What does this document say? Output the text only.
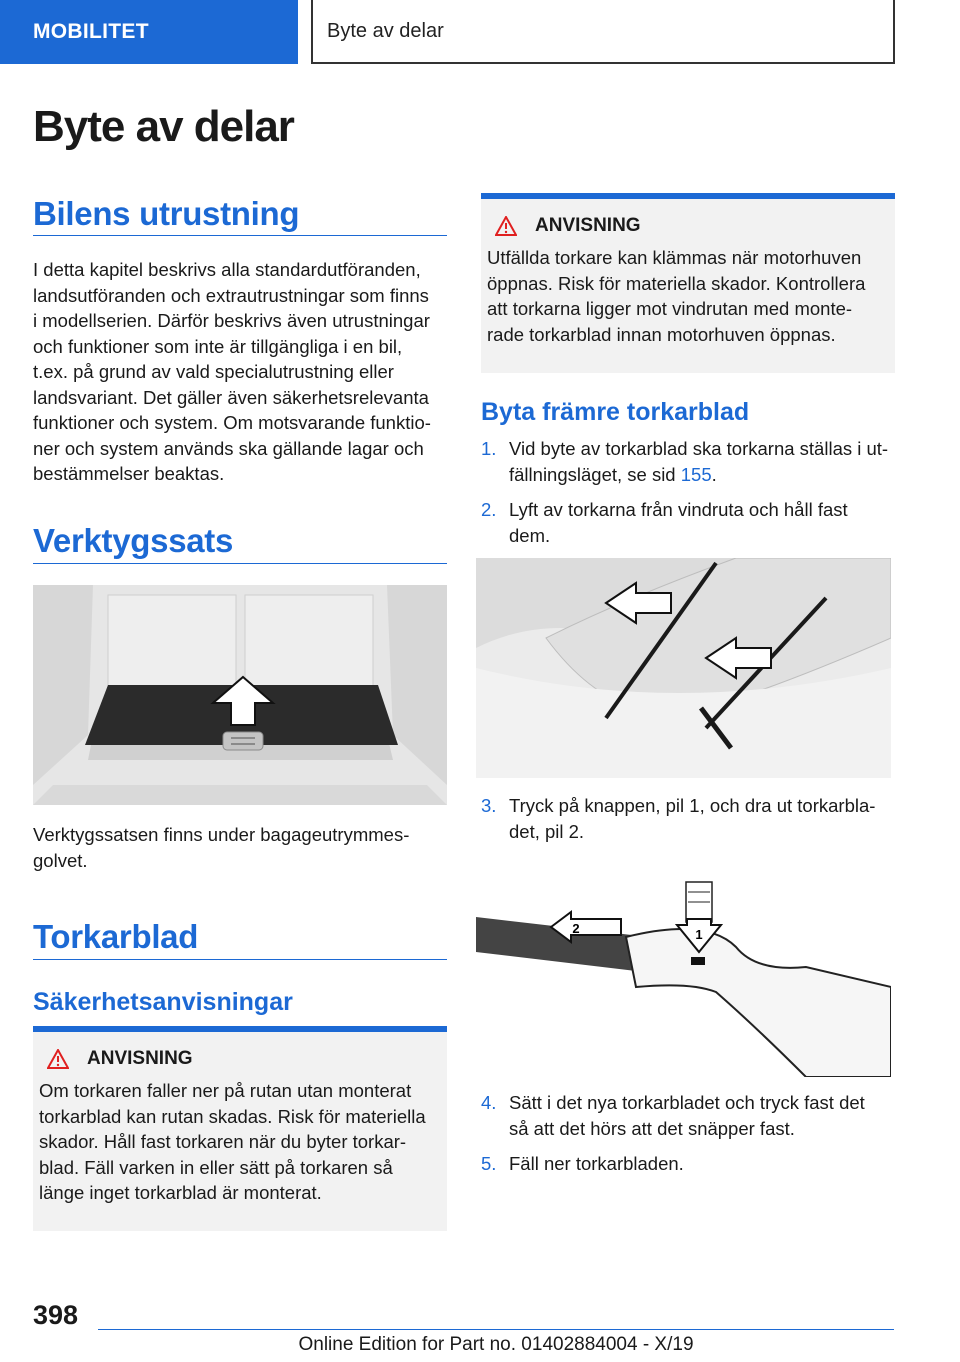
MOBILITET	Byte av delar
Byte av delar
Bilens utrustning

I detta kapitel beskrivs alla standardutföranden,
landsutföranden och extrautrustningar som finns
i modellserien. Därför beskrivs även utrustningar
och funktioner som inte är tillgängliga i en bil,
t.ex. på grund av vald specialutrustning eller
landsvariant. Det gäller även säkerhetsrelevanta
funktioner och system. Om motsvarande funktio-
ner och system används ska gällande lagar och
bestämmelser beaktas.

Verktygssats

Verktygssatsen finns under bagageutrymmes-
golvet.

Torkarblad
Säkerhetsanvisningar
ANVISNING
Om torkaren faller ner på rutan utan monterat
torkarblad kan rutan skadas. Risk för materiella
skador. Håll fast torkaren när du byter torkar-
blad. Fäll varken in eller sätt på torkaren så
länge inget torkarblad är monterat.
ANVISNING
Utfällda torkare kan klämmas när motorhuven
öppnas. Risk för materiella skador. Kontrollera
att torkarna ligger mot vindrutan med monte-
rade torkarblad innan motorhuven öppnas.
Byta främre torkarblad
1. Vid byte av torkarblad ska torkarna ställas i ut-
fällningsläget, se sid 155.
2. Lyft av torkarna från vindruta och håll fast
dem.
3. Tryck på knappen, pil 1, och dra ut torkarbla-
det, pil 2.
1
2
4. Sätt i det nya torkarbladet och tryck fast det
så att det hörs att det snäpper fast.
5. Fäll ner torkarbladen.
398
Online Edition for Part no. 01402884004 - X/19
